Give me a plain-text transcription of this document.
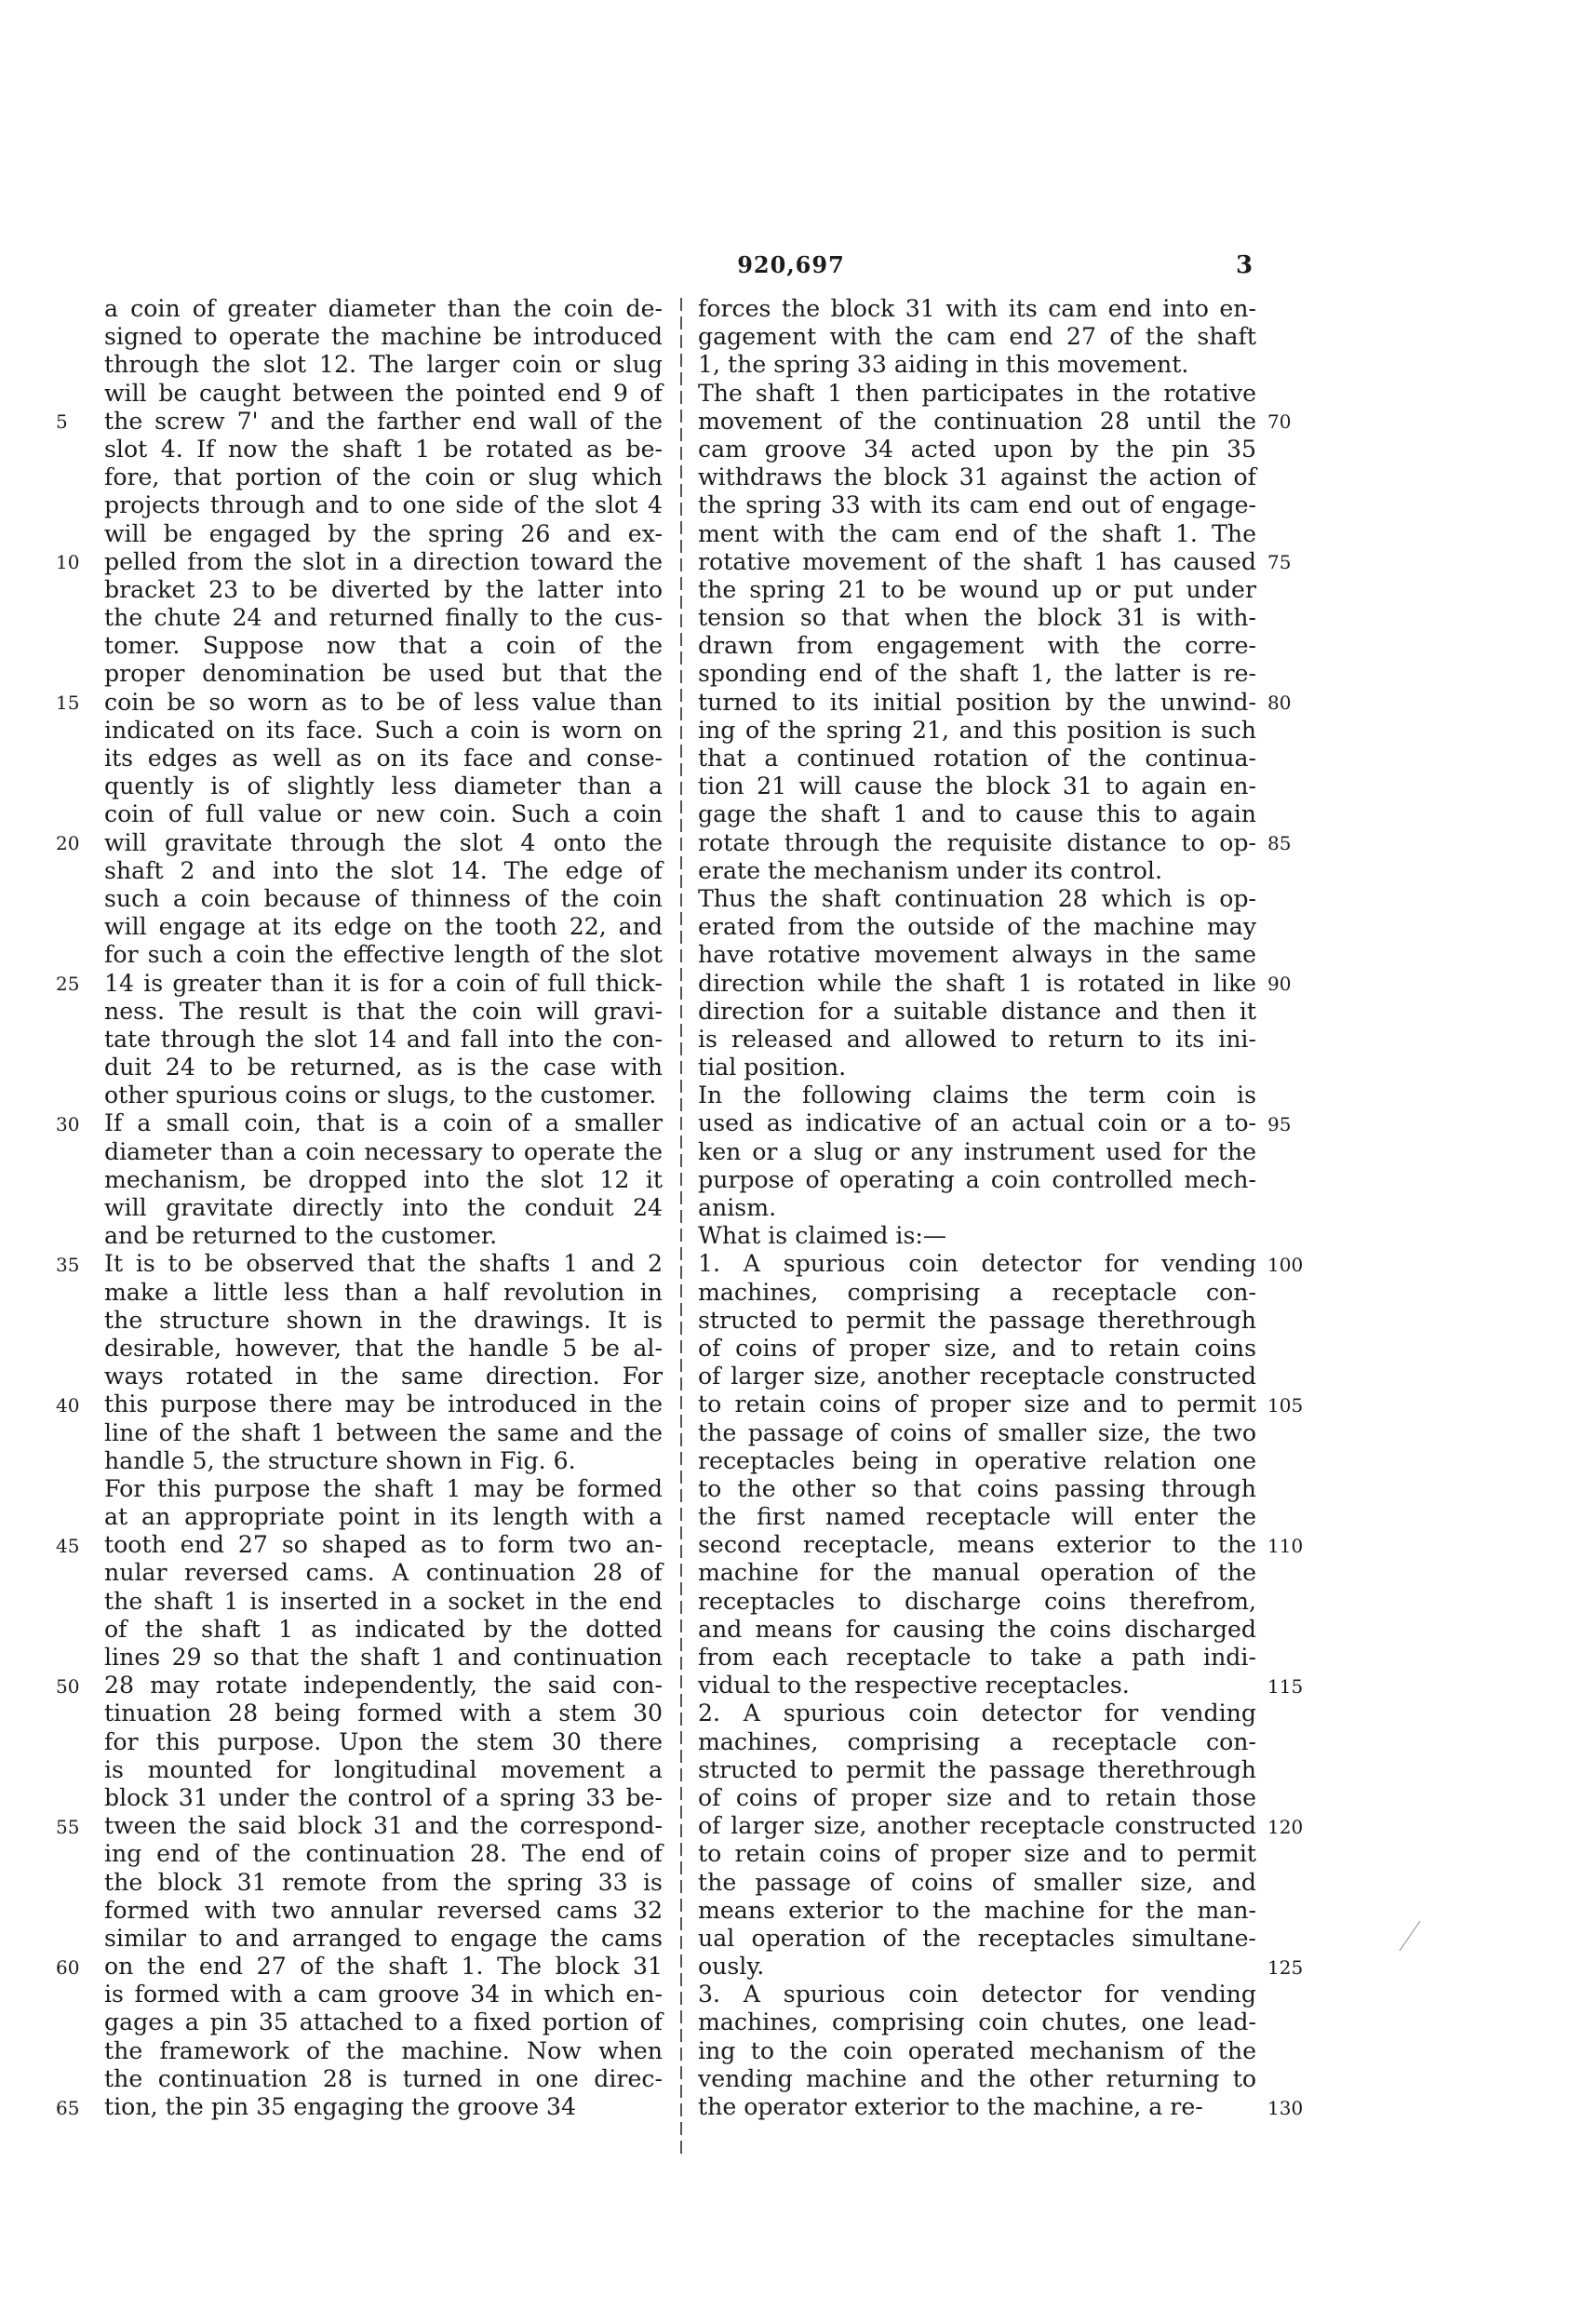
920,697	3
a coin of greater diameter than the coin de-
signed to operate the machine be introduced
through the slot 12. The larger coin or slug
will be caught between the pointed end 9 of
the screw 7' and the farther end wall of the
slot 4. If now the shaft 1 be rotated as be-
fore, that portion of the coin or slug which
projects through and to one side of the slot 4
will be engaged by the spring 26 and ex-
pelled from the slot in a direction toward the
bracket 23 to be diverted by the latter into
the chute 24 and returned finally to the cus-
tomer. Suppose now that a coin of the
proper denomination be used but that the
coin be so worn as to be of less value than
indicated on its face. Such a coin is worn on
its edges as well as on its face and conse-
quently is of slightly less diameter than a
coin of full value or new coin. Such a coin
will gravitate through the slot 4 onto the
shaft 2 and into the slot 14. The edge of
such a coin because of thinness of the coin
will engage at its edge on the tooth 22, and
for such a coin the effective length of the slot
14 is greater than it is for a coin of full thick-
ness. The result is that the coin will gravi-
tate through the slot 14 and fall into the con-
duit 24 to be returned, as is the case with
other spurious coins or slugs, to the customer.
If a small coin, that is a coin of a smaller
diameter than a coin necessary to operate the
mechanism, be dropped into the slot 12 it
will gravitate directly into the conduit 24
and be returned to the customer.
It is to be observed that the shafts 1 and 2
make a little less than a half revolution in
the structure shown in the drawings. It is
desirable, however, that the handle 5 be al-
ways rotated in the same direction. For
this purpose there may be introduced in the
line of the shaft 1 between the same and the
handle 5, the structure shown in Fig. 6.
For this purpose the shaft 1 may be formed
at an appropriate point in its length with a
tooth end 27 so shaped as to form two an-
nular reversed cams. A continuation 28 of
the shaft 1 is inserted in a socket in the end
of the shaft 1 as indicated by the dotted
lines 29 so that the shaft 1 and continuation
28 may rotate independently, the said con-
tinuation 28 being formed with a stem 30
for this purpose. Upon the stem 30 there
is mounted for longitudinal movement a
block 31 under the control of a spring 33 be-
tween the said block 31 and the correspond-
ing end of the continuation 28. The end of
the block 31 remote from the spring 33 is
formed with two annular reversed cams 32
similar to and arranged to engage the cams
on the end 27 of the shaft 1. The block 31
is formed with a cam groove 34 in which en-
gages a pin 35 attached to a fixed portion of
the framework of the machine. Now when
the continuation 28 is turned in one direc-
tion, the pin 35 engaging the groove 34
forces the block 31 with its cam end into en-
gagement with the cam end 27 of the shaft
1, the spring 33 aiding in this movement.
The shaft 1 then participates in the rotative
movement of the continuation 28 until the
cam groove 34 acted upon by the pin 35
withdraws the block 31 against the action of
the spring 33 with its cam end out of engage-
ment with the cam end of the shaft 1. The
rotative movement of the shaft 1 has caused
the spring 21 to be wound up or put under
tension so that when the block 31 is with-
drawn from engagement with the corre-
sponding end of the shaft 1, the latter is re-
turned to its initial position by the unwind-
ing of the spring 21, and this position is such
that a continued rotation of the continua-
tion 21 will cause the block 31 to again en-
gage the shaft 1 and to cause this to again
rotate through the requisite distance to op-
erate the mechanism under its control.
Thus the shaft continuation 28 which is op-
erated from the outside of the machine may
have rotative movement always in the same
direction while the shaft 1 is rotated in like
direction for a suitable distance and then it
is released and allowed to return to its ini-
tial position.
In the following claims the term coin is
used as indicative of an actual coin or a to-
ken or a slug or any instrument used for the
purpose of operating a coin controlled mech-
anism.
What is claimed is:—
1. A spurious coin detector for vending
machines, comprising a receptacle con-
structed to permit the passage therethrough
of coins of proper size, and to retain coins
of larger size, another receptacle constructed
to retain coins of proper size and to permit
the passage of coins of smaller size, the two
receptacles being in operative relation one
to the other so that coins passing through
the first named receptacle will enter the
second receptacle, means exterior to the
machine for the manual operation of the
receptacles to discharge coins therefrom,
and means for causing the coins discharged
from each receptacle to take a path indi-
vidual to the respective receptacles.
2. A spurious coin detector for vending
machines, comprising a receptacle con-
structed to permit the passage therethrough
of coins of proper size and to retain those
of larger size, another receptacle constructed
to retain coins of proper size and to permit
the passage of coins of smaller size, and
means exterior to the machine for the man-
ual operation of the receptacles simultane-
ously.
3. A spurious coin detector for vending
machines, comprising coin chutes, one lead-
ing to the coin operated mechanism of the
vending machine and the other returning to
the operator exterior to the machine, a re-
5
10
15
20
25
30
35
40
45
50
55
60
65
70
75
80
85
90
95
100
105
110
115
120
125
130
